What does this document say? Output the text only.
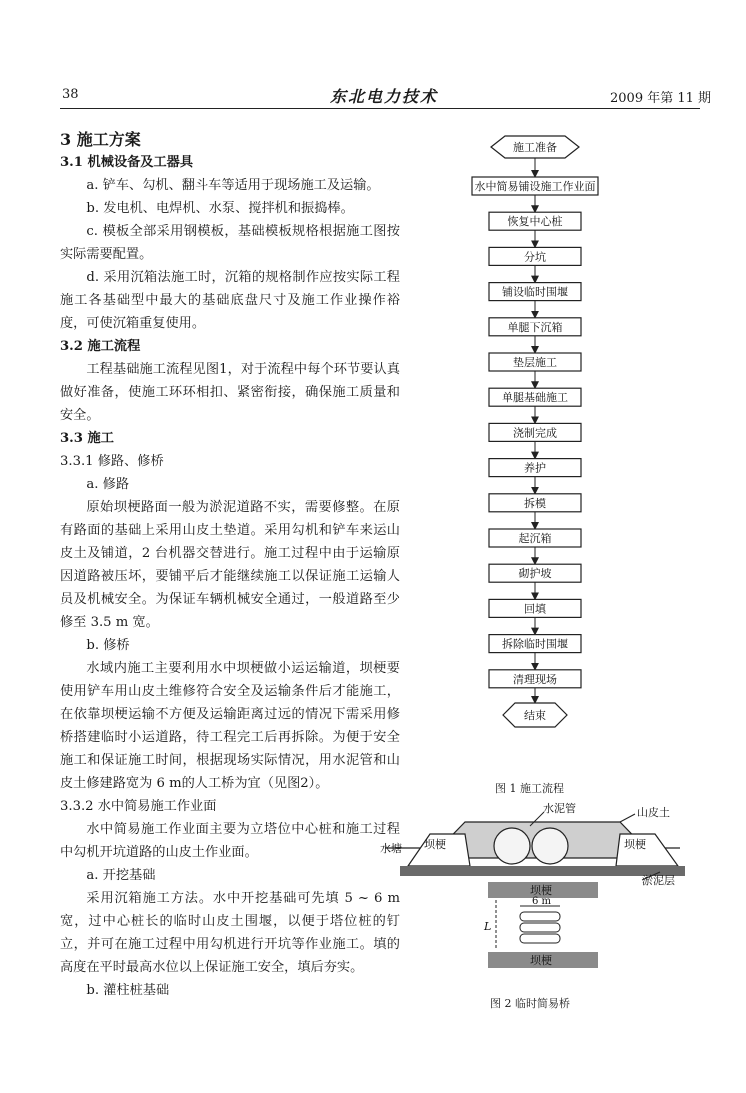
38	东北电力技术	2009 年第 11 期

3 施工方案

3.1 机械设备及工器具

a. 铲车、勾机、翻斗车等适用于现场施工及运输。

b. 发电机、电焊机、水泵、搅拌机和振捣棒。

c. 模板全部采用钢模板，基础模板规格根据施工图按实际需要配置。

d. 采用沉箱法施工时，沉箱的规格制作应按实际工程施工各基础型中最大的基础底盘尺寸及施工作业操作裕度，可使沉箱重复使用。

3.2 施工流程

工程基础施工流程见图1，对于流程中每个环节要认真做好准备，使施工环环相扣、紧密衔接，确保施工质量和安全。

3.3 施工

3.3.1 修路、修桥

a. 修路

原始坝梗路面一般为淤泥道路不实，需要修整。在原有路面的基础上采用山皮土垫道。采用勾机和铲车来运山皮土及铺道，2 台机器交替进行。施工过程中由于运输原因道路被压坏，要铺平后才能继续施工以保证施工运输人员及机械安全。为保证车辆机械安全通过，一般道路至少修至 3.5 m 宽。

b. 修桥

水域内施工主要利用水中坝梗做小运运输道，坝梗要使用铲车用山皮土维修符合安全及运输条件后才能施工，在依靠坝梗运输不方便及运输距离过远的情况下需采用修桥搭建临时小运道路，待工程完工后再拆除。为便于安全施工和保证施工时间，根据现场实际情况，用水泥管和山皮土修建路宽为 6 m的人工桥为宜（见图2）。

3.3.2 水中简易施工作业面

水中简易施工作业面主要为立塔位中心桩和施工过程中勾机开坑道路的山皮土作业面。

a. 开挖基础

采用沉箱施工方法。水中开挖基础可先填 5 ~ 6 m 宽，过中心桩长的临时山皮土围堰，以便于塔位桩的钉立，并可在施工过程中用勾机进行开坑等作业施工。填的高度在平时最高水位以上保证施工安全，填后夯实。

b. 灌柱桩基础

施工准备
水中简易铺设施工作业面
恢复中心桩
分坑
铺设临时围堰
单腿下沉箱
垫层施工
单腿基础施工
浇制完成
养护
拆模
起沉箱
砌护坡
回填
拆除临时围堰
清理现场
结束
图 1 施工流程
水泥管	山皮土
水塘 坝梗	坝梗
淤泥层
坝梗
坝梗
6 m
L
图 2 临时简易桥
